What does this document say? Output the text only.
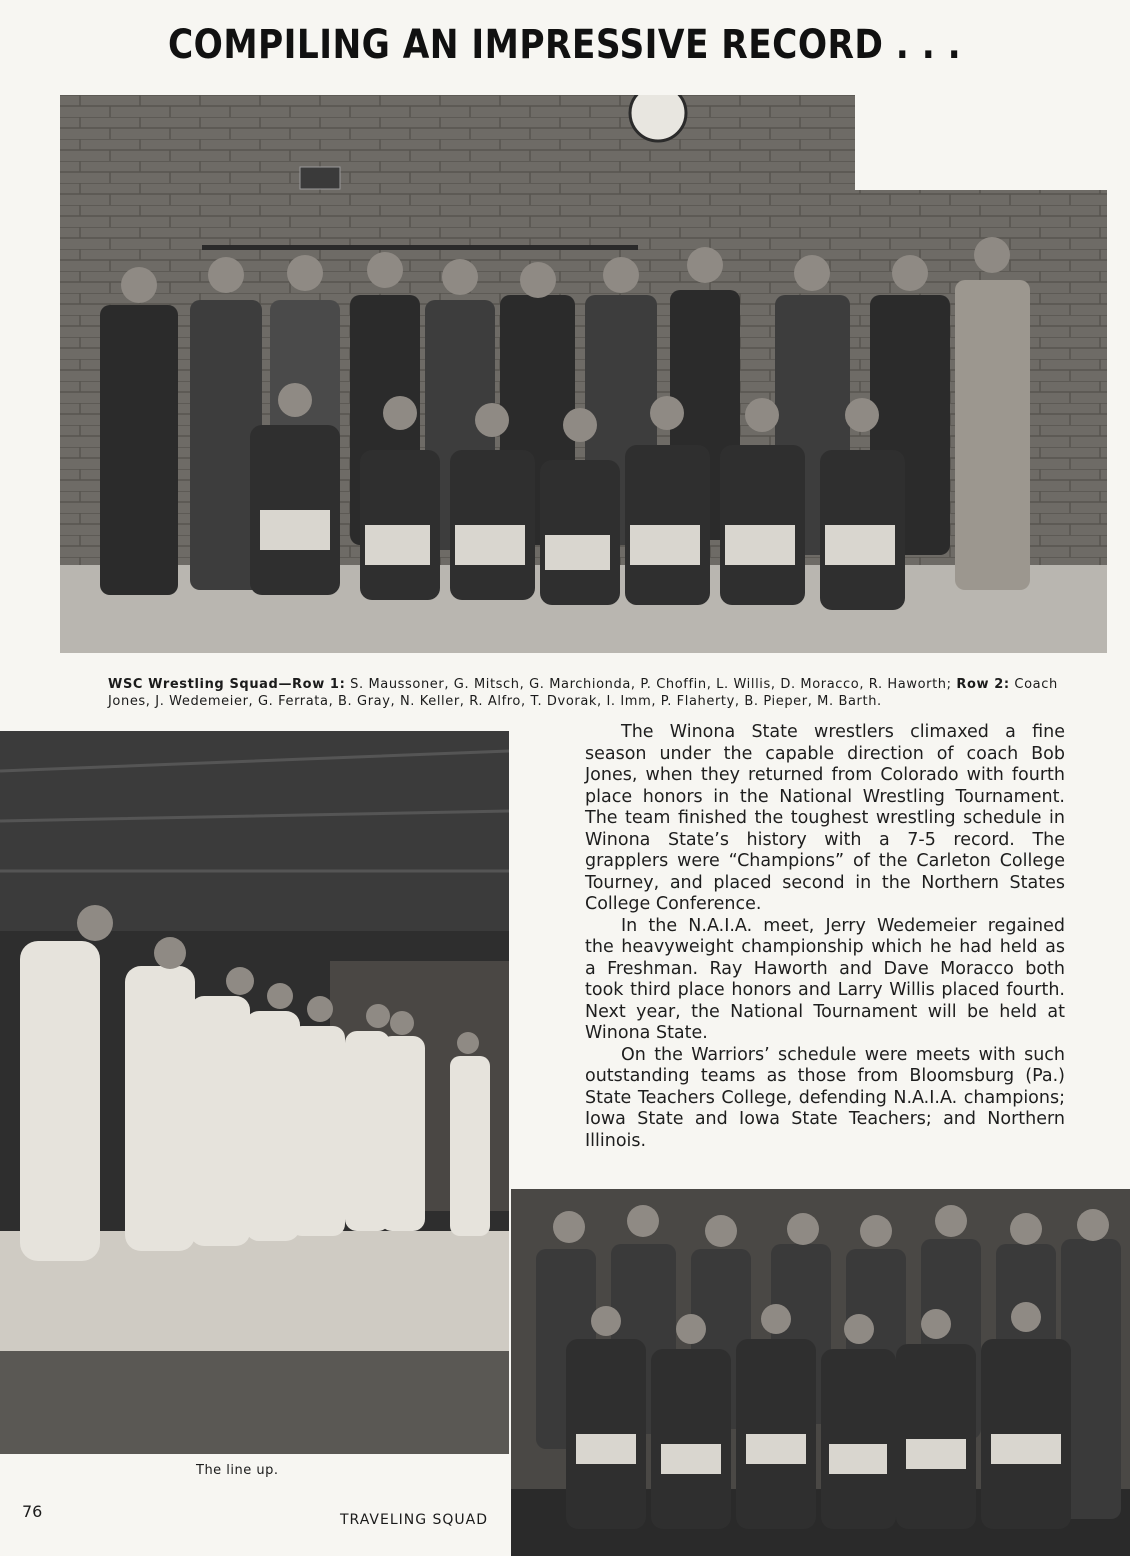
COMPILING AN IMPRESSIVE RECORD . . .
WSC Wrestling Squad—Row 1: S. Maussoner, G. Mitsch, G. Marchionda, P. Choffin, L. Willis, D. Moracco, R. Haworth; Row 2: Coach Jones, J. Wedemeier, G. Ferrata, B. Gray, N. Keller, R. Alfro, T. Dvorak, I. Imm, P. Flaherty, B. Pieper, M. Barth.
The line up.

The Winona State wrestlers climaxed a fine season under the capable direction of coach Bob Jones, when they returned from Colorado with fourth place honors in the National Wrestling Tournament. The team finished the toughest wrestling schedule in Winona State’s history with a 7-5 record. The grapplers were “Champions” of the Carleton College Tourney, and placed second in the Northern States College Conference.

In the N.A.I.A. meet, Jerry Wedemeier regained the heavyweight championship which he had held as a Freshman. Ray Haworth and Dave Moracco both took third place honors and Larry Willis placed fourth. Next year, the National Tournament will be held at Winona State.

On the Warriors’ schedule were meets with such outstanding teams as those from Bloomsburg (Pa.) State Teachers College, defending N.A.I.A. champions; Iowa State and Iowa State Teachers; and Northern Illinois.

76	TRAVELING SQUAD
